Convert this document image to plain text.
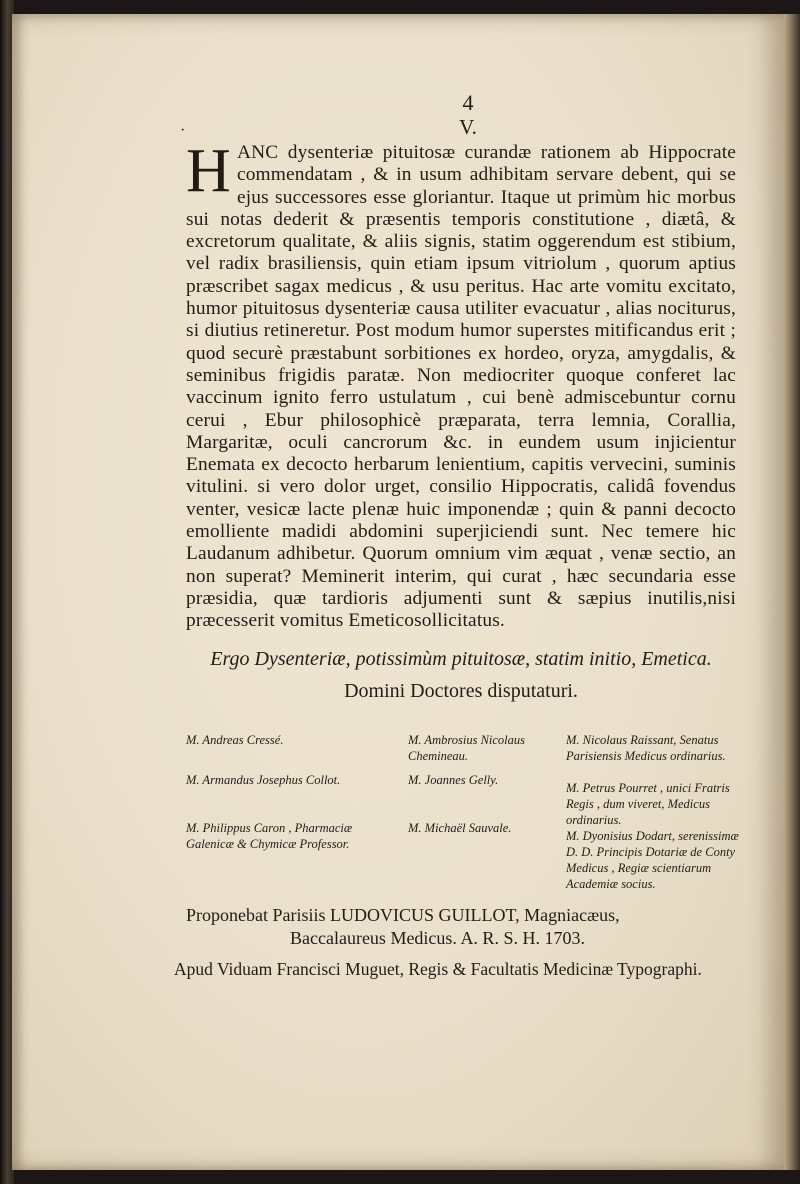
4
V.
·
H ANC dysenteriæ pituitosæ curandæ rationem ab Hippocrate commendatam , & in usum adhibitam servare debent, qui se ejus successores esse gloriantur. Itaque ut primùm hic morbus sui notas dederit & præsentis temporis constitutione , diætâ, & excretorum qualitate, & aliis signis, statim oggerendum est stibium, vel radix brasiliensis, quin etiam ipsum vitriolum , quorum aptius præscribet sagax medicus , & usu peritus. Hac arte vomitu excitato, humor pituitosus dysenteriæ causa utiliter evacuatur , alias nociturus, si diutius retineretur. Post modum humor superstes mitificandus erit ; quod securè præstabunt sorbitiones ex hordeo, oryza, amygdalis, & seminibus frigidis paratæ. Non mediocriter quoque conferet lac vaccinum ignito ferro ustulatum , cui benè admiscebuntur cornu cerui , Ebur philosophicè præparata, terra lemnia, Corallia, Margaritæ, oculi cancrorum &c. in eundem usum injicientur Enemata ex decocto herbarum lenientium, capitis vervecini, suminis vitulini. si vero dolor urget, consilio Hippocratis, calidâ fovendus venter, vesicæ lacte plenæ huic imponendæ ; quin & panni decocto emolliente madidi abdomini superjiciendi sunt. Nec temere hic Laudanum adhibetur. Quorum omnium vim æquat , venæ sectio, an non superat? Meminerit interim, qui curat , hæc secundaria esse præsidia, quæ tardioris adjumenti sunt & sæpius inutilis,nisi præcesserit vomitus Emeticosollicitatus.
Ergo Dysenteriæ, potissimùm pituitosæ, statim initio, Emetica.
Domini Doctores disputaturi.
M. Andreas Cressé.
M. Armandus Josephus Collot.
M. Philippus Caron , Pharmaciæ Galenicæ & Chymicæ Professor.
M. Ambrosius Nicolaus Chemineau.
M. Joannes Gelly.
M. Michaël Sauvale.
M. Nicolaus Raissant, Senatus Parisiensis Medicus ordinarius.
M. Petrus Pourret , unici Fratris Regis , dum viveret, Medicus ordinarius.
M. Dyonisius Dodart, serenissimæ D. D. Principis Dotariæ de Conty Medicus , Regiæ scientiarum Academiæ socius.
Proponebat Parisiis LUDOVICUS GUILLOT, Magniacæus,
Baccalaureus Medicus. A. R. S. H. 1703.
Apud Viduam Francisci Muguet, Regis & Facultatis Medicinæ Typographi.
